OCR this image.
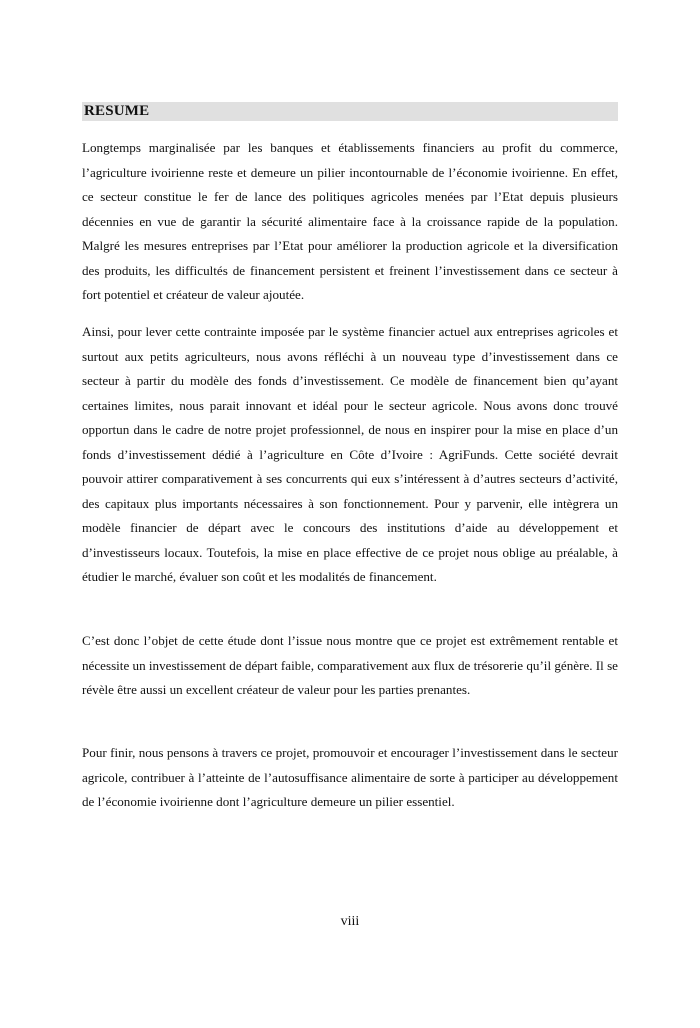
RESUME

Longtemps marginalisée par les banques et établissements financiers au profit du commerce, l’agriculture ivoirienne reste et demeure un pilier incontournable de l’économie ivoirienne. En effet, ce secteur constitue le fer de lance des politiques agricoles menées par l’Etat depuis plusieurs décennies en vue de garantir la sécurité alimentaire face à la croissance rapide de la population. Malgré les mesures entreprises par l’Etat pour améliorer la production agricole et la diversification des produits, les difficultés de financement persistent et freinent l’investissement dans ce secteur à fort potentiel et créateur de valeur ajoutée.

Ainsi, pour lever cette contrainte imposée par le système financier actuel aux entreprises agricoles et surtout aux petits agriculteurs, nous avons réfléchi à un nouveau type d’investissement dans ce secteur à partir du modèle des fonds d’investissement. Ce modèle de financement bien qu’ayant certaines limites, nous parait innovant et idéal pour le secteur agricole. Nous avons donc trouvé opportun dans le cadre de notre projet professionnel, de nous en inspirer pour la mise en place d’un fonds d’investissement dédié à l’agriculture en Côte d’Ivoire : AgriFunds. Cette société devrait pouvoir attirer comparativement à ses concurrents qui eux s’intéressent à d’autres secteurs d’activité, des capitaux plus importants nécessaires à son fonctionnement. Pour y parvenir, elle intègrera un modèle financier de départ avec le concours des institutions d’aide au développement et d’investisseurs locaux. Toutefois, la mise en place effective de ce projet nous oblige au préalable, à étudier le marché, évaluer son coût et les modalités de financement.

C’est donc l’objet de cette étude dont l’issue nous montre que ce projet est extrêmement rentable et nécessite un investissement de départ faible, comparativement aux flux de trésorerie qu’il génère. Il se révèle être aussi un excellent créateur de valeur pour les parties prenantes.

Pour finir, nous pensons à travers ce projet, promouvoir et encourager l’investissement dans le secteur agricole, contribuer à l’atteinte de l’autosuffisance alimentaire de sorte à participer au développement de l’économie ivoirienne dont l’agriculture demeure un pilier essentiel.

viii
